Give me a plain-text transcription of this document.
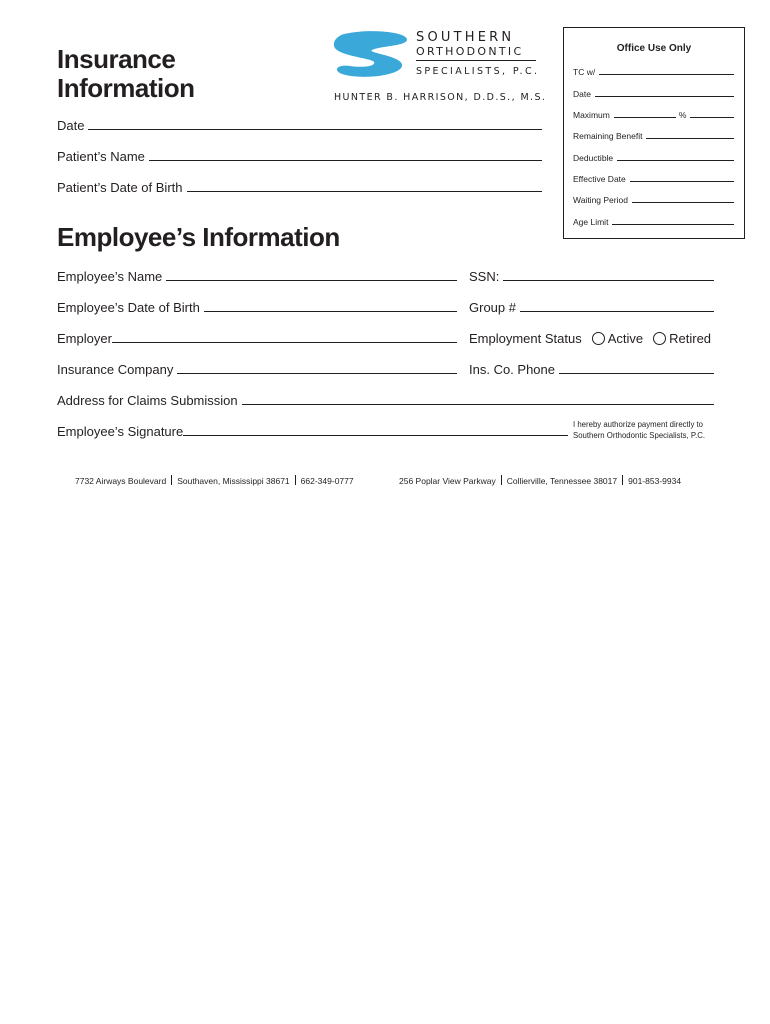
Insurance
Information
SOUTHERN
ORTHODONTIC
SPECIALISTS, P.C.
HUNTER B. HARRISON, D.D.S., M.S.
Date
Patient’s Name
Patient’s Date of Birth
Office Use Only
TC w/
Date
Maximum	%
Remaining Benefit
Deductible
Effective Date
Waiting Period
Age Limit
Employee’s Information
Employee’s Name	SSN:
Employee’s Date of Birth	Group #
Employer	Employment Status	Active Retired
Insurance Company	Ins. Co. Phone
Address for Claims Submission
Employee’s Signature	I hereby authorize payment directly to
Southern Orthodontic Specialists, P.C.
7732 Airways Boulevard Southaven, Mississippi 38671 662-349-0777	256 Poplar View Parkway Collierville, Tennessee 38017 901-853-9934
